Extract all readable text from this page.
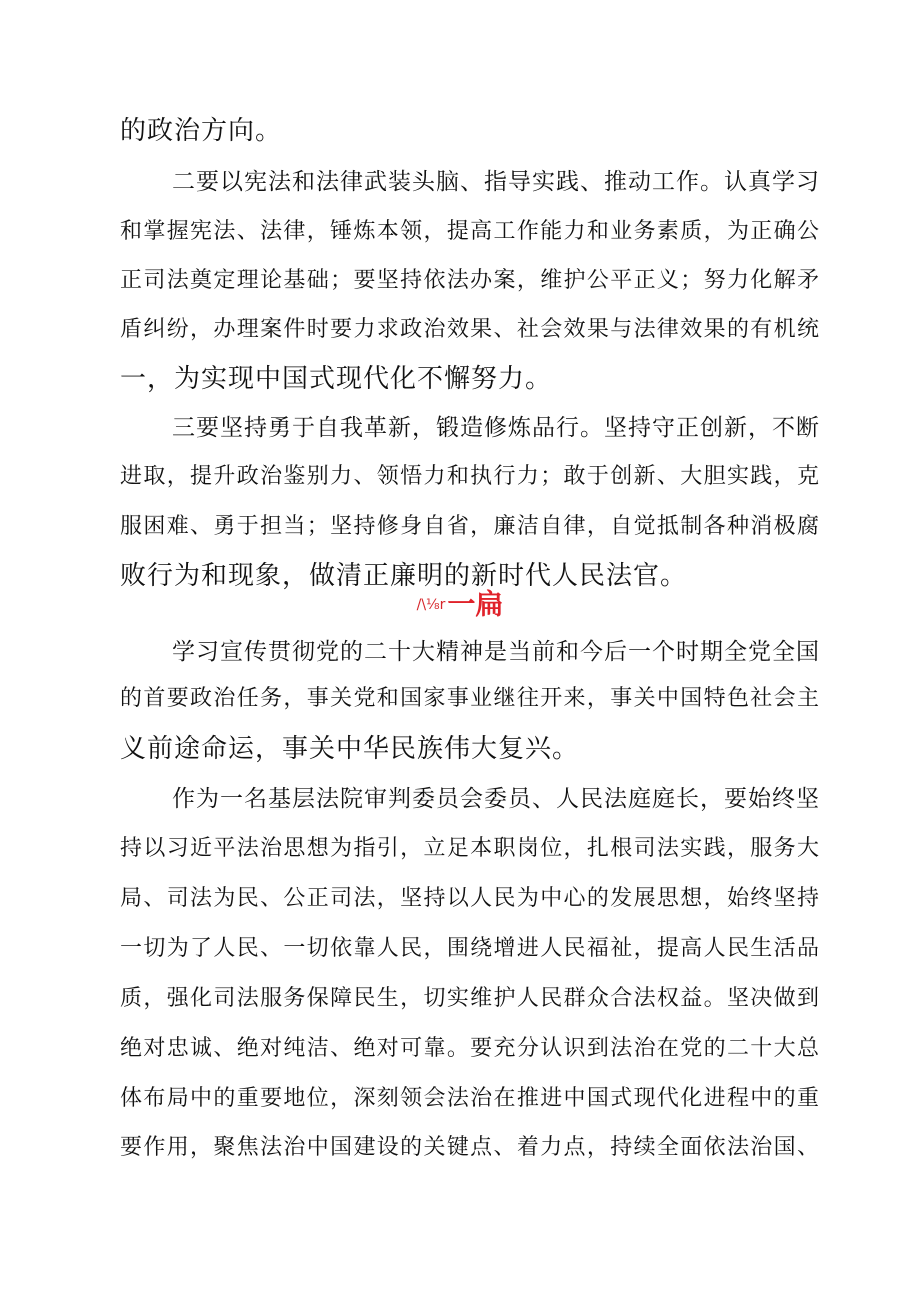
的政治方向。
二要以宪法和法律武装头脑、指导实践、推动工作。认真学习
和掌握宪法、法律，锤炼本领，提高工作能力和业务素质，为正确公
正司法奠定理论基础；要坚持依法办案，维护公平正义；努力化解矛
盾纠纷，办理案件时要力求政治效果、社会效果与法律效果的有机统
一，为实现中国式现代化不懈努力。
三要坚持勇于自我革新，锻造修炼品行。坚持守正创新，不断
进取，提升政治鉴别力、领悟力和执行力；敢于创新、大胆实践，克
服困难、勇于担当；坚持修身自省，廉洁自律，自觉抵制各种消极腐
败行为和现象，做清正廉明的新时代人民法官。
/\⅛r一扁
学习宣传贯彻党的二十大精神是当前和今后一个时期全党全国
的首要政治任务，事关党和国家事业继往开来，事关中国特色社会主
义前途命运，事关中华民族伟大复兴。
作为一名基层法院审判委员会委员、人民法庭庭长，要始终坚
持以习近平法治思想为指引，立足本职岗位，扎根司法实践，服务大
局、司法为民、公正司法，坚持以人民为中心的发展思想，始终坚持
一切为了人民、一切依靠人民，围绕增进人民福祉，提高人民生活品
质，强化司法服务保障民生，切实维护人民群众合法权益。坚决做到
绝对忠诚、绝对纯洁、绝对可靠。要充分认识到法治在党的二十大总
体布局中的重要地位，深刻领会法治在推进中国式现代化进程中的重
要作用，聚焦法治中国建设的关键点、着力点，持续全面依法治国、
